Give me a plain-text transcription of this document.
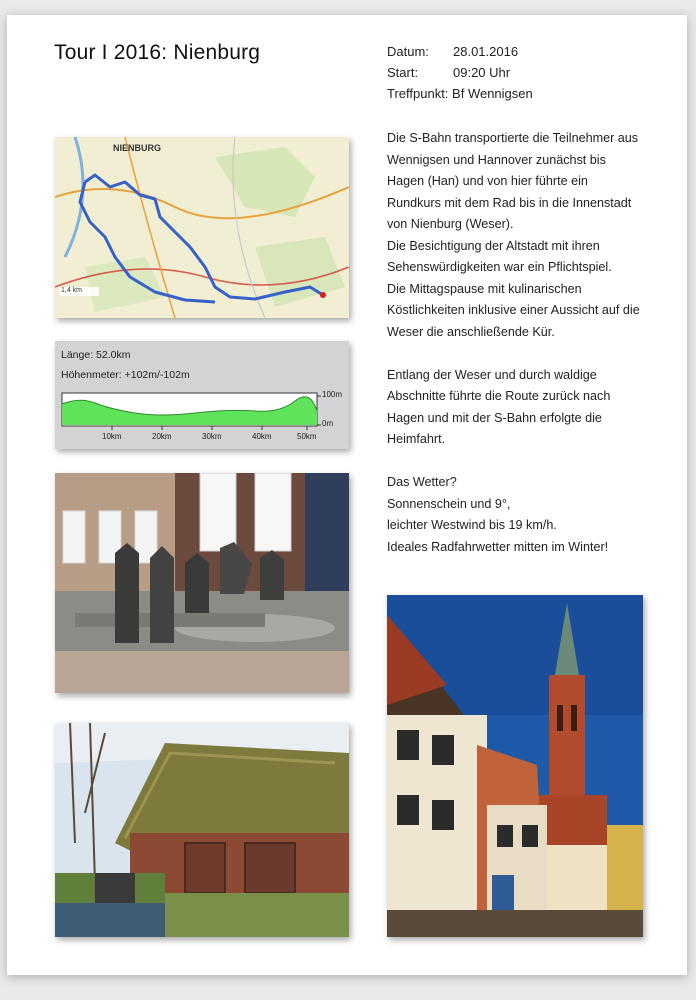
Tour I 2016: Nienburg	Datum:	28.01.2016
Start:	09:20 Uhr
Treffpunkt:
Bf Wennigsen

Die S-Bahn transportierte die Teilnehmer aus
Wennigsen und Hannover zunächst bis
Hagen (Han) und von hier führte ein
Rundkurs mit dem Rad bis in die Innenstadt
von Nienburg (Weser).
Die Besichtigung der Altstadt mit ihren
Sehenswürdigkeiten war ein Pflichtspiel.
Die Mittagspause mit kulinarischen
Köstlichkeiten inklusive einer Aussicht auf die
Weser die anschließende Kür.

Entlang der Weser und durch waldige
Abschnitte führte die Route zurück nach
Hagen und mit der S-Bahn erfolgte die
Heimfahrt.

Das Wetter?
Sonnenschein und 9°,
leichter Westwind bis 19 km/h.
Ideales Radfahrwetter mitten im Winter!

NIENBURG
1,4 km
Länge: 52.0km
Höhenmeter: +102m/-102m
100m
0m
10km	20km	30km	40km	50km
